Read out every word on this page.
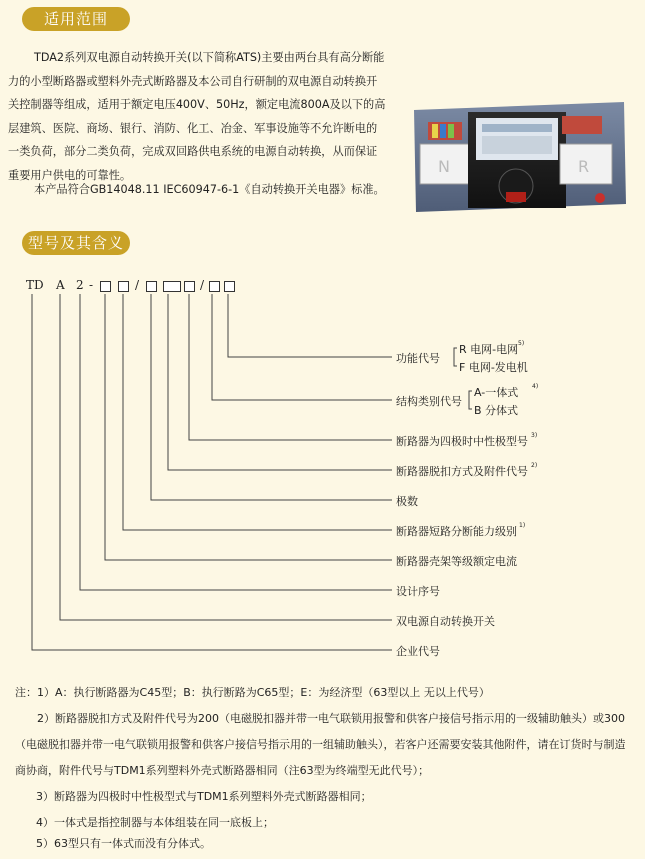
适用范围
TDA2系列双电源自动转换开关(以下简称ATS)主要由两台具有高分断能力的小型断路器或塑料外壳式断路器及本公司自行研制的双电源自动转换开关控制器等组成，适用于额定电压400V、50Hz，额定电流800A及以下的高层建筑、医院、商场、银行、消防、化工、冶金、军事设施等不允许断电的一类负荷，部分二类负荷，完成双回路供电系统的电源自动转换，从而保证重要用户供电的可靠性。
本产品符合GB14048.11 IEC60947-6-1《自动转换开关电器》标准。
N	R
型号及其含义
TD A 2 -	/	/
功能代号
R 电网-电网
F 电网-发电机
结构类别代号
A-一体式
B 分体式
断路器为四极时中性极型号
断路器脱扣方式及附件代号
极数
断路器短路分断能力级别
断路器壳架等级额定电流
设计序号
双电源自动转换开关
企业代号
5)
4)
3)
2)
1)
注：1）A：执行断路器为C45型；B：执行断路为C65型；E：为经济型（63型以上 无以上代号）
2）断路器脱扣方式及附件代号为200（电磁脱扣器并带一电气联锁用报警和供客户接信号指示用的一级辅助触头）或300（电磁脱扣器并带一电气联锁用报警和供客户接信号指示用的一组辅助触头），若客户还需要安装其他附件，请在订货时与制造商协商，附件代号与TDM1系列塑料外壳式断路器相同（注63型为终端型无此代号）；
3）断路器为四极时中性极型式与TDM1系列塑料外壳式断路器相同；
4）一体式是指控制器与本体组装在同一底板上；
5）63型只有一体式而没有分体式。
